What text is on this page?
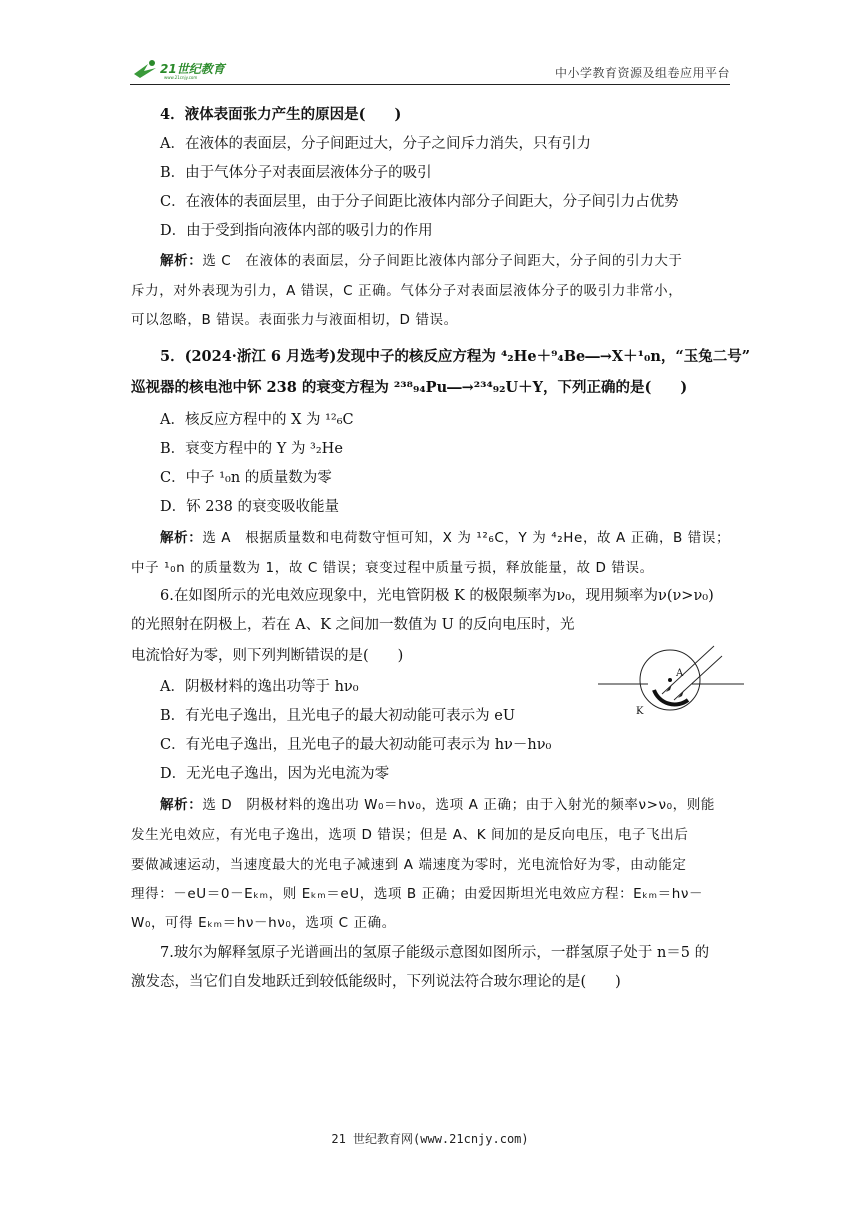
21世纪教育
www.21cnjy.com	中小学教育资源及组卷应用平台
4．液体表面张力产生的原因是(　　)
A．在液体的表面层，分子间距过大，分子之间斥力消失，只有引力
B．由于气体分子对表面层液体分子的吸引
C．在液体的表面层里，由于分子间距比液体内部分子间距大，分子间引力占优势
D．由于受到指向液体内部的吸引力的作用
解析：选 C　在液体的表面层，分子间距比液体内部分子间距大，分子间的引力大于
斥力，对外表现为引力，A 错误，C 正确。气体分子对表面层液体分子的吸引力非常小，
可以忽略，B 错误。表面张力与液面相切，D 错误。
5．(2024·浙江 6 月选考)发现中子的核反应方程为 ⁴₂He＋⁹₄Be―→X＋¹₀n，“玉兔二号”
巡视器的核电池中钚 238 的衰变方程为 ²³⁸₉₄Pu―→²³⁴₉₂U＋Y，下列正确的是(　　)
A．核反应方程中的 X 为 ¹²₆C
B．衰变方程中的 Y 为 ³₂He
C．中子 ¹₀n 的质量数为零
D．钚 238 的衰变吸收能量
解析：选 A　根据质量数和电荷数守恒可知，X 为 ¹²₆C，Y 为 ⁴₂He，故 A 正确，B 错误；
中子 ¹₀n 的质量数为 1，故 C 错误；衰变过程中质量亏损，释放能量，故 D 错误。
6.在如图所示的光电效应现象中，光电管阴极 K 的极限频率为ν₀，现用频率为ν(ν>ν₀)
的光照射在阴极上，若在 A、K 之间加一数值为 U 的反向电压时，光
电流恰好为零，则下列判断错误的是(　　)
A．阴极材料的逸出功等于 hν₀
B．有光电子逸出，且光电子的最大初动能可表示为 eU
C．有光电子逸出，且光电子的最大初动能可表示为 hν－hν₀
D．无光电子逸出，因为光电流为零
A
K
解析：选 D　阴极材料的逸出功 W₀＝hν₀，选项 A 正确；由于入射光的频率ν>ν₀，则能
发生光电效应，有光电子逸出，选项 D 错误；但是 A、K 间加的是反向电压，电子飞出后
要做减速运动，当速度最大的光电子减速到 A 端速度为零时，光电流恰好为零，由动能定
理得：－eU＝0－Eₖₘ，则 Eₖₘ＝eU，选项 B 正确；由爱因斯坦光电效应方程：Eₖₘ＝hν－
W₀，可得 Eₖₘ＝hν－hν₀，选项 C 正确。
7.玻尔为解释氢原子光谱画出的氢原子能级示意图如图所示，一群氢原子处于 n＝5 的
激发态，当它们自发地跃迁到较低能级时，下列说法符合玻尔理论的是(　　)
21 世纪教育网(www.21cnjy.com)
